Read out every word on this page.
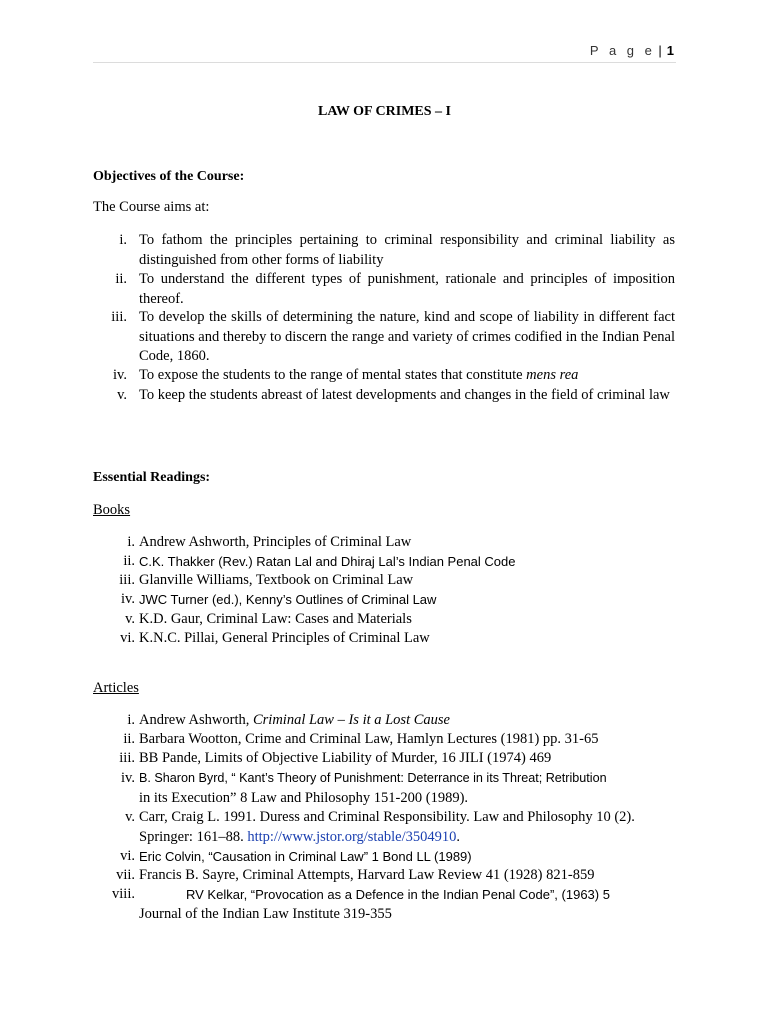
P a g e | 1
LAW OF CRIMES – I
Objectives of the Course:
The Course aims at:
i. To fathom the principles pertaining to criminal responsibility and criminal liability as distinguished from other forms of liability
ii. To understand the different types of punishment, rationale and principles of imposition thereof.
iii. To develop the skills of determining the nature, kind and scope of liability in different fact situations and thereby to discern the range and variety of crimes codified in the Indian Penal Code, 1860.
iv. To expose the students to the range of mental states that constitute mens rea
v. To keep the students abreast of latest developments and changes in the field of criminal law
Essential Readings:
Books
i. Andrew Ashworth, Principles of Criminal Law
ii. C.K. Thakker (Rev.) Ratan Lal and Dhiraj Lal’s Indian Penal Code
iii. Glanville Williams, Textbook on Criminal Law
iv. JWC Turner (ed.), Kenny’s Outlines of Criminal Law
v. K.D. Gaur, Criminal Law: Cases and Materials
vi. K.N.C. Pillai, General Principles of Criminal Law
Articles
i. Andrew Ashworth, Criminal Law – Is it a Lost Cause
ii. Barbara Wootton, Crime and Criminal Law, Hamlyn Lectures (1981) pp. 31-65
iii. BB Pande, Limits of Objective Liability of Murder, 16 JILI (1974) 469
iv. B. Sharon Byrd, “ Kant’s Theory of Punishment: Deterrance in its Threat; Retribution
in its Execution” 8 Law and Philosophy 151-200 (1989).
v. Carr, Craig L. 1991. Duress and Criminal Responsibility. Law and Philosophy 10 (2).
Springer: 161–88. http://www.jstor.org/stable/3504910.
vi. Eric Colvin, “Causation in Criminal Law” 1 Bond LL (1989)
vii. Francis B. Sayre, Criminal Attempts, Harvard Law Review 41 (1928) 821-859
viii.	RV Kelkar, “Provocation as a Defence in the Indian Penal Code”, (1963) 5
Journal of the Indian Law Institute 319-355
